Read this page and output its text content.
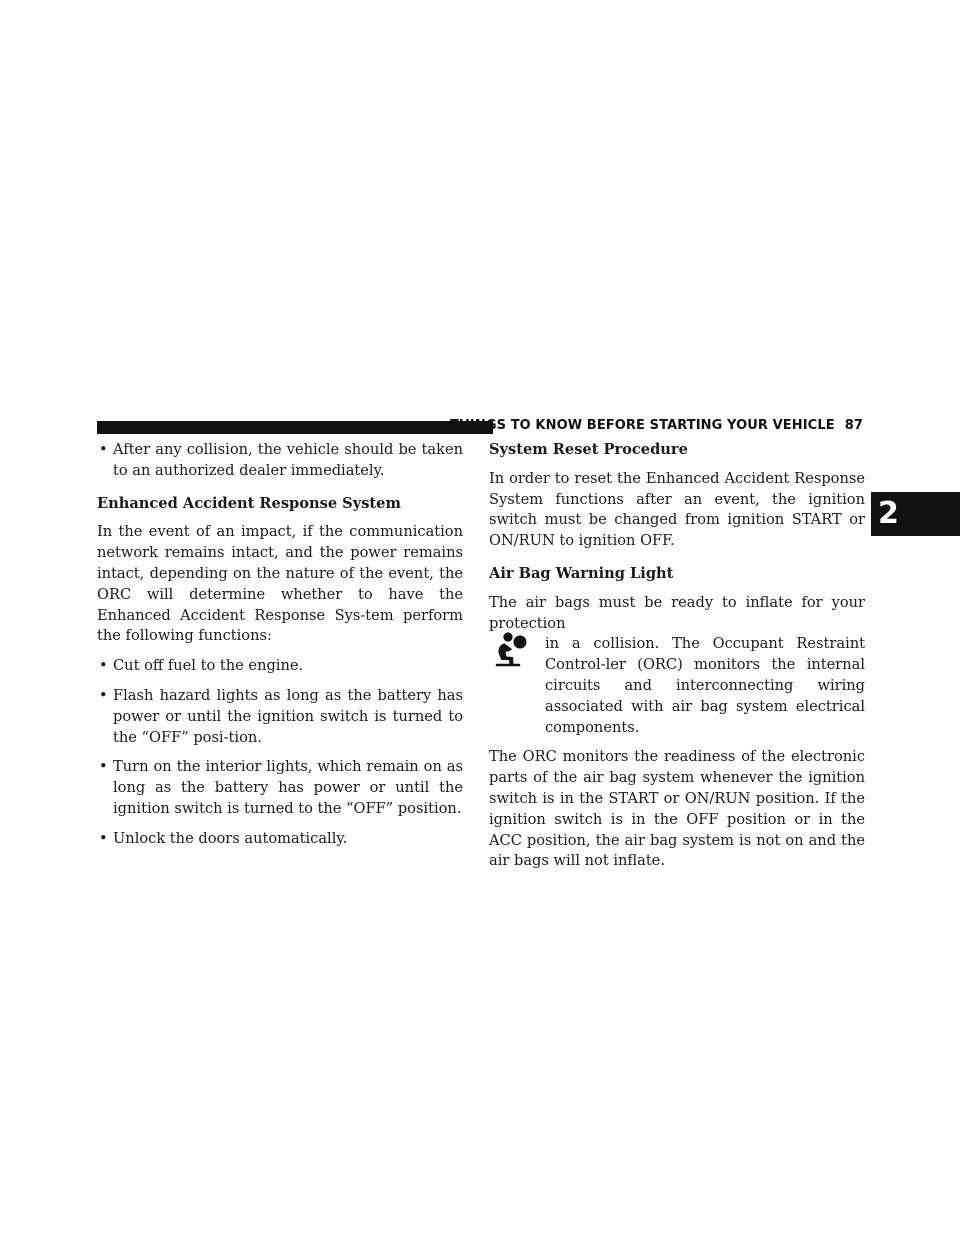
THINGS TO KNOW BEFORE STARTING YOUR VEHICLE 87
2
• After any collision, the vehicle should be taken to an authorized dealer immediately.
Enhanced Accident Response System

In the event of an impact, if the communication network remains intact, and the power remains intact, depending on the nature of the event, the ORC will determine whether to have the Enhanced Accident Response Sys-tem perform the following functions:

• Cut off fuel to the engine.
• Flash hazard lights as long as the battery has power or until the ignition switch is turned to the “OFF” posi-tion.
• Turn on the interior lights, which remain on as long as the battery has power or until the ignition switch is turned to the “OFF” position.
• Unlock the doors automatically.
System Reset Procedure

In order to reset the Enhanced Accident Response System functions after an event, the ignition switch must be changed from ignition START or ON/RUN to ignition OFF.

Air Bag Warning Light

The air bags must be ready to inflate for your protection

in a collision. The Occupant Restraint Control-ler (ORC) monitors the internal circuits and interconnecting wiring associated with air bag system electrical components.

The ORC monitors the readiness of the electronic parts of the air bag system whenever the ignition switch is in the START or ON/RUN position. If the ignition switch is in the OFF position or in the ACC position, the air bag system is not on and the air bags will not inflate.
